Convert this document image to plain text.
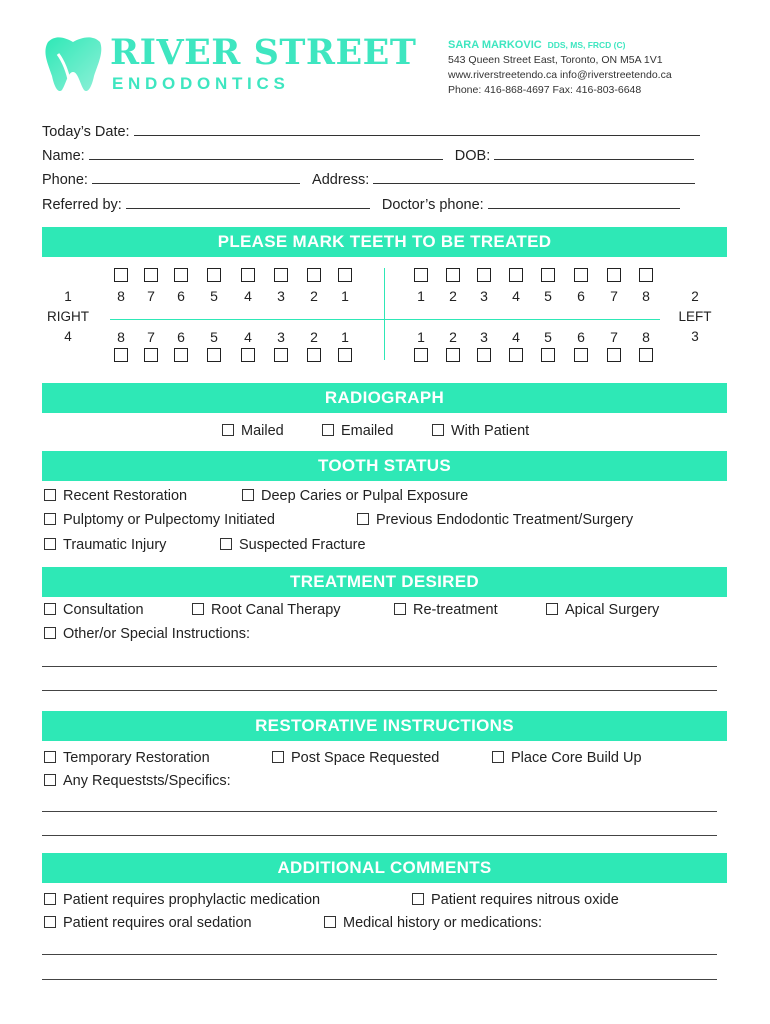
RIVER STREET
E N D O D O N T I C S
SARA MARKOVIC DDS, MS, FRCD (C)
543 Queen Street East, Toronto, ON M5A 1V1
www.riverstreetendo.ca info@riverstreetendo.ca
Phone: 416-868-4697 Fax: 416-803-6648
Today’s Date:
Name:	DOB:
Phone:	Address:
Referred by:	Doctor’s phone:
PLEASE MARK TEETH TO BE TREATED
1
RIGHT
4
2
LEFT
3
8 7 6 5 4 3 2 1	1 2 3 4 5 6 7 8
8 7 6 5 4 3 2 1	1 2 3 4 5 6 7 8
RADIOGRAPH
Mailed	Emailed	With Patient
TOOTH STATUS
Recent Restoration	Deep Caries or Pulpal Exposure
Pulptomy or Pulpectomy Initiated	Previous Endodontic Treatment/Surgery
Traumatic Injury	Suspected Fracture
TREATMENT DESIRED
Consultation	Root Canal Therapy	Re-treatment	Apical Surgery
Other/or Special Instructions:
RESTORATIVE INSTRUCTIONS
Temporary Restoration	Post Space Requested	Place Core Build Up
Any Requeststs/Specifics:
ADDITIONAL COMMENTS
Patient requires prophylactic medication	Patient requires nitrous oxide
Patient requires oral sedation	Medical history or medications:
